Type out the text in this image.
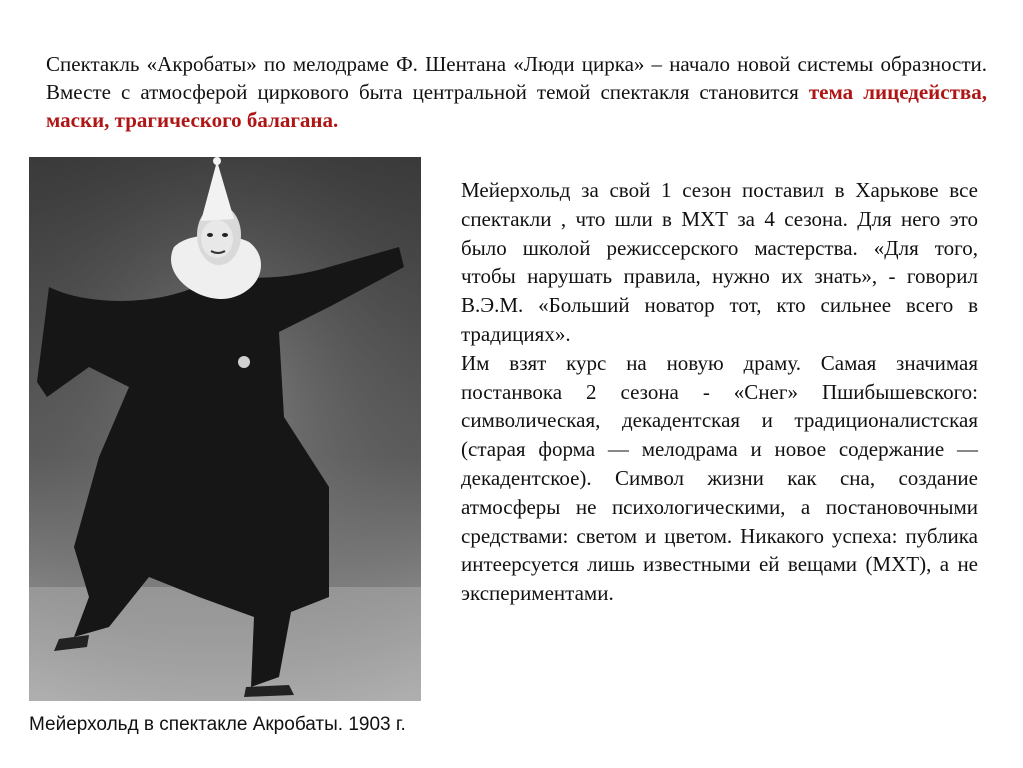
Спектакль «Акробаты» по мелодраме Ф. Шентана «Люди цирка» – начало новой системы образности. Вместе с атмосферой циркового быта центральной темой спектакля становится тема лицедейства, маски, трагического балагана.

Мейерхольд в спектакле Акробаты. 1903 г.

Мейерхольд за свой 1 сезон поставил в Харькове все спектакли , что шли в МХТ за 4 сезона. Для него это было школой режиссерского мастерства. «Для того, чтобы нарушать правила, нужно их знать», - говорил В.Э.М. «Больший новатор тот, кто сильнее всего в традициях».

Им взят курс на новую драму. Самая значимая постанвока 2 сезона - «Снег» Пшибышевского: символическая, декадентская и традиционалистская (старая форма — мелодрама и новое содержание — декадентское). Символ жизни как сна, создание атмосферы не психологическими, а постановочными средствами: светом и цветом. Никакого успеха: публика интеерсуется лишь известными ей вещами (МХТ), а не экспериментами.
